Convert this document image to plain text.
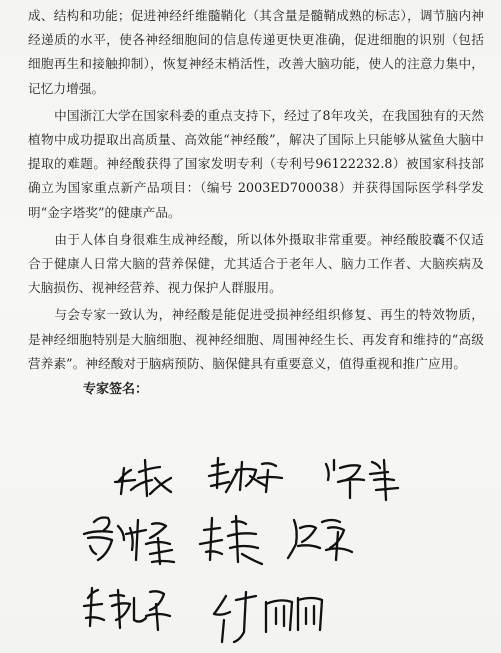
成、结构和功能；促进神经纤维髓鞘化（其含量是髓鞘成熟的标志），调节脑内神经递质的水平，使各神经细胞间的信息传递更快更准确，促进细胞的识别（包括细胞再生和接触抑制），恢复神经末梢活性，改善大脑功能，使人的注意力集中，记忆力增强。

中国浙江大学在国家科委的重点支持下，经过了8年攻关，在我国独有的天然植物中成功提取出高质量、高效能“神经酸”，解决了国际上只能够从鲨鱼大脑中提取的难题。神经酸获得了国家发明专利（专利号96122232.8）被国家科技部确立为国家重点新产品项目：（编号 2003ED700038）并获得国际医学科学发明“金字塔奖”的健康产品。

由于人体自身很难生成神经酸，所以体外摄取非常重要。神经酸胶囊不仅适合于健康人日常大脑的营养保健，尤其适合于老年人、脑力工作者、大脑疾病及大脑损伤、视神经营养、视力保护人群服用。

与会专家一致认为，神经酸是能促进受损神经组织修复、再生的特效物质，是神经细胞特别是大脑细胞、视神经细胞、周围神经生长、再发育和维持的“高级营养素”。神经酸对于脑病预防、脑保健具有重要意义，值得重视和推广应用。

专家签名：
